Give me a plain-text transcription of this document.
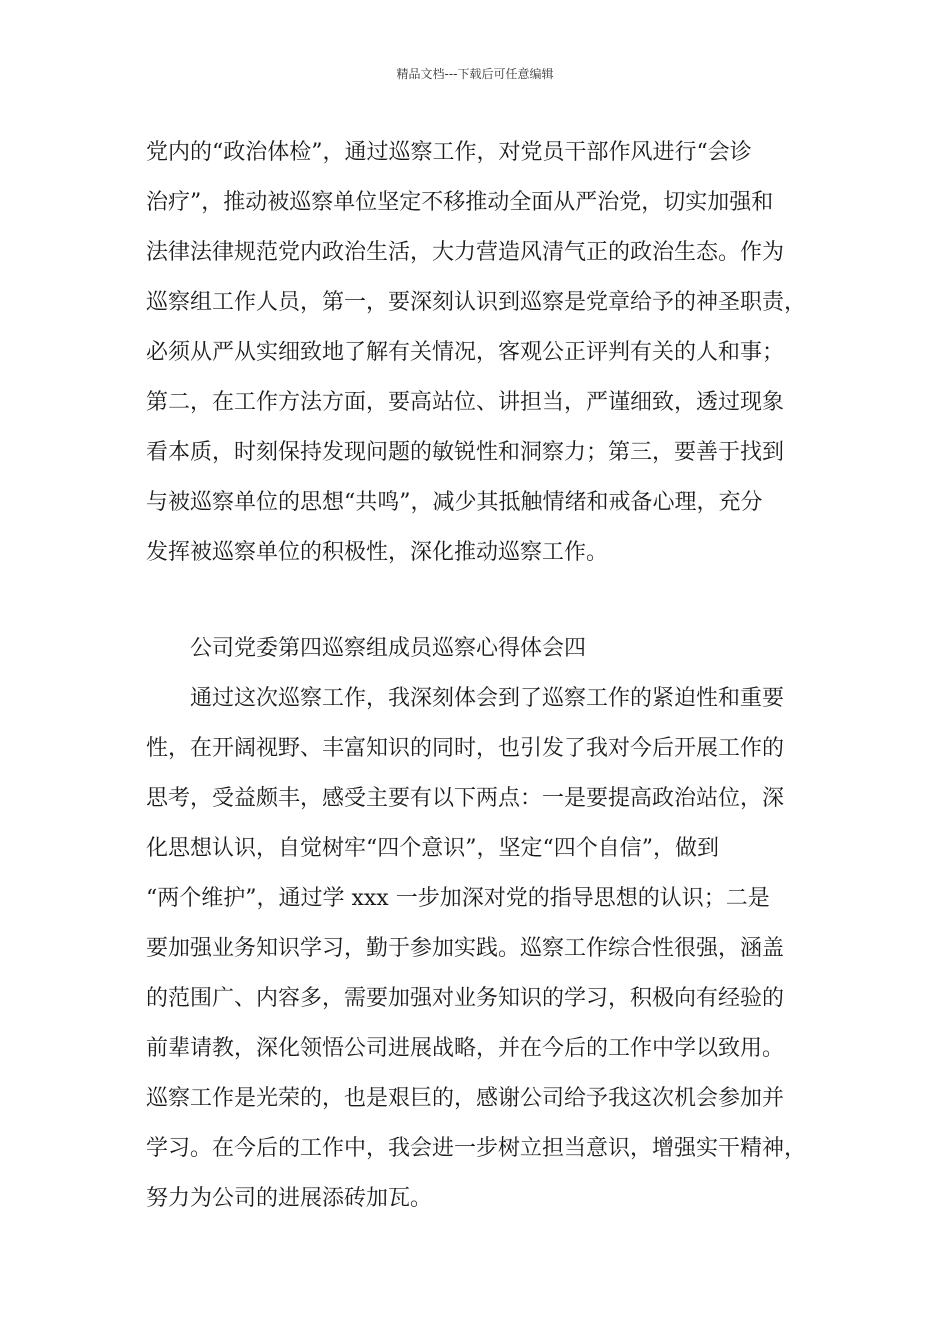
精品文档---下载后可任意编辑
党内的“政治体检”，通过巡察工作，对党员干部作风进行“会诊
治疗”，推动被巡察单位坚定不移推动全面从严治党，切实加强和
法律法律规范党内政治生活，大力营造风清气正的政治生态。作为
巡察组工作人员，第一，要深刻认识到巡察是党章给予的神圣职责，
必须从严从实细致地了解有关情况，客观公正评判有关的人和事；
第二，在工作方法方面，要高站位、讲担当，严谨细致，透过现象
看本质，时刻保持发现问题的敏锐性和洞察力；第三，要善于找到
与被巡察单位的思想“共鸣”，减少其抵触情绪和戒备心理，充分
发挥被巡察单位的积极性，深化推动巡察工作。
公司党委第四巡察组成员巡察心得体会四
通过这次巡察工作，我深刻体会到了巡察工作的紧迫性和重要
性，在开阔视野、丰富知识的同时，也引发了我对今后开展工作的
思考，受益颇丰，感受主要有以下两点：一是要提高政治站位，深
化思想认识，自觉树牢“四个意识”，坚定“四个自信”，做到
“两个维护”，通过学 xxx 一步加深对党的指导思想的认识；二是
要加强业务知识学习，勤于参加实践。巡察工作综合性很强，涵盖
的范围广、内容多，需要加强对业务知识的学习，积极向有经验的
前辈请教，深化领悟公司进展战略，并在今后的工作中学以致用。
巡察工作是光荣的，也是艰巨的，感谢公司给予我这次机会参加并
学习。在今后的工作中，我会进一步树立担当意识，增强实干精神，
努力为公司的进展添砖加瓦。
